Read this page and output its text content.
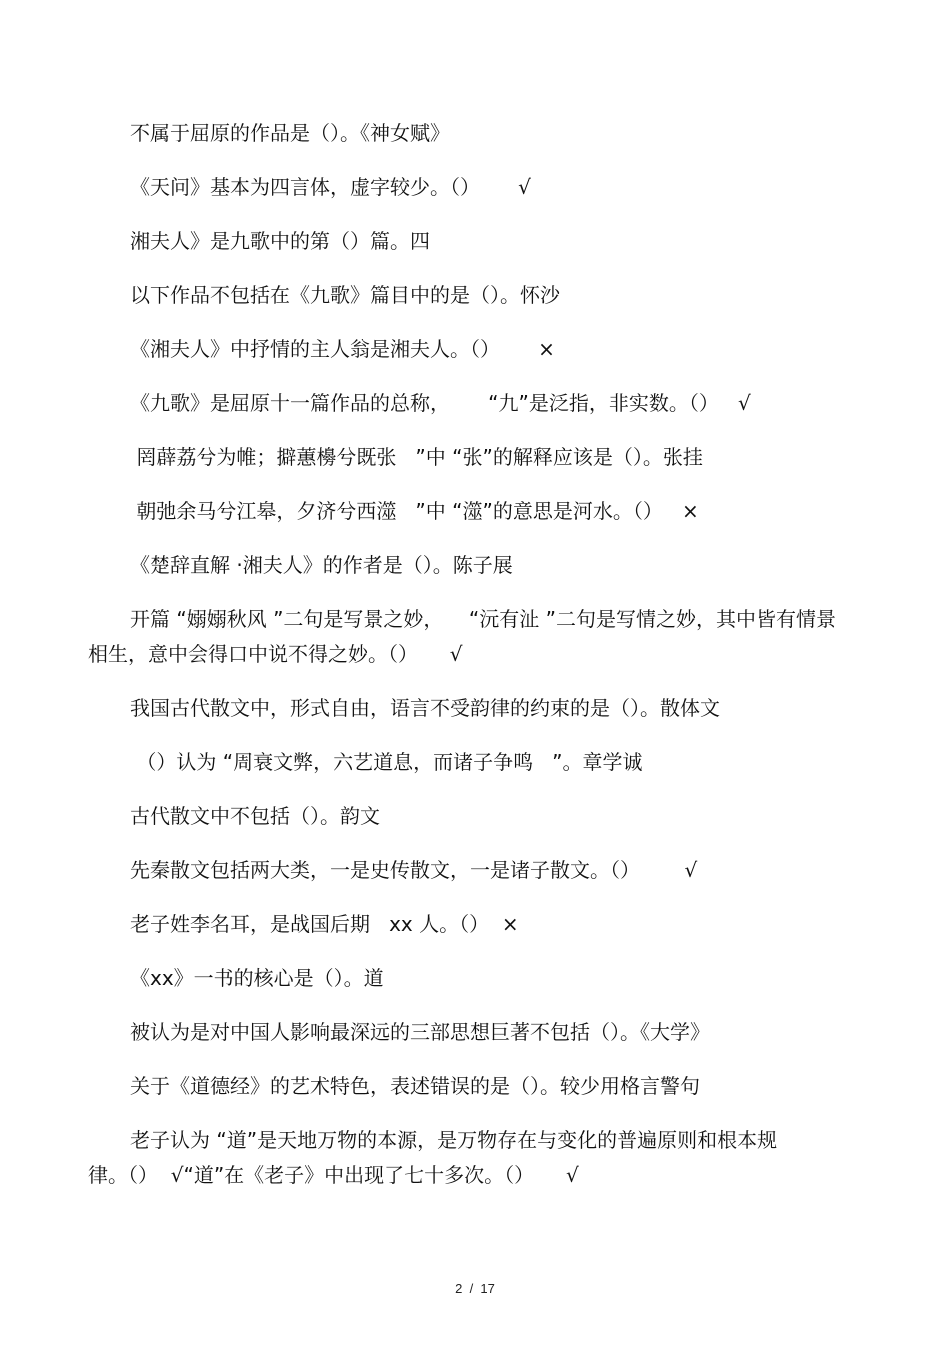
不属于屈原的作品是（）。《神女赋》
《天问》基本为四言体，虚字较少。（）      √
湘夫人》是九歌中的第（）篇。四
以下作品不包括在《九歌》篇目中的是（）。怀沙
《湘夫人》中抒情的主人翁是湘夫人。（）      ×
《九歌》是屈原十一篇作品的总称，      “九”是泛指，非实数。（）   √
罔薜荔兮为帷；擗蕙櫋兮既张   ”中 “张”的解释应该是（）。张挂
朝弛余马兮江皋，夕济兮西澨   ”中 “澨”的意思是河水。（）   ×
《楚辞直解 ·湘夫人》的作者是（）。陈子展
开篇 “嫋嫋秋风 ”二句是写景之妙，    “沅有沚 ”二句是写情之妙，其中皆有情景
相生，意中会得口中说不得之妙。（）     √
我国古代散文中，形式自由，语言不受韵律的约束的是（）。散体文
（）认为 “周衰文弊，六艺道息，而诸子争鸣   ”。章学诚
古代散文中不包括（）。韵文
先秦散文包括两大类，一是史传散文，一是诸子散文。（）       √
老子姓李名耳，是战国后期   xx 人。（）  ×
《xx》一书的核心是（）。道
被认为是对中国人影响最深远的三部思想巨著不包括（）。《大学》
关于《道德经》的艺术特色，表述错误的是（）。较少用格言警句
老子认为 “道”是天地万物的本源，是万物存在与变化的普遍原则和根本规
律。（）  √“道”在《老子》中出现了七十多次。（）     √
2  /  17
